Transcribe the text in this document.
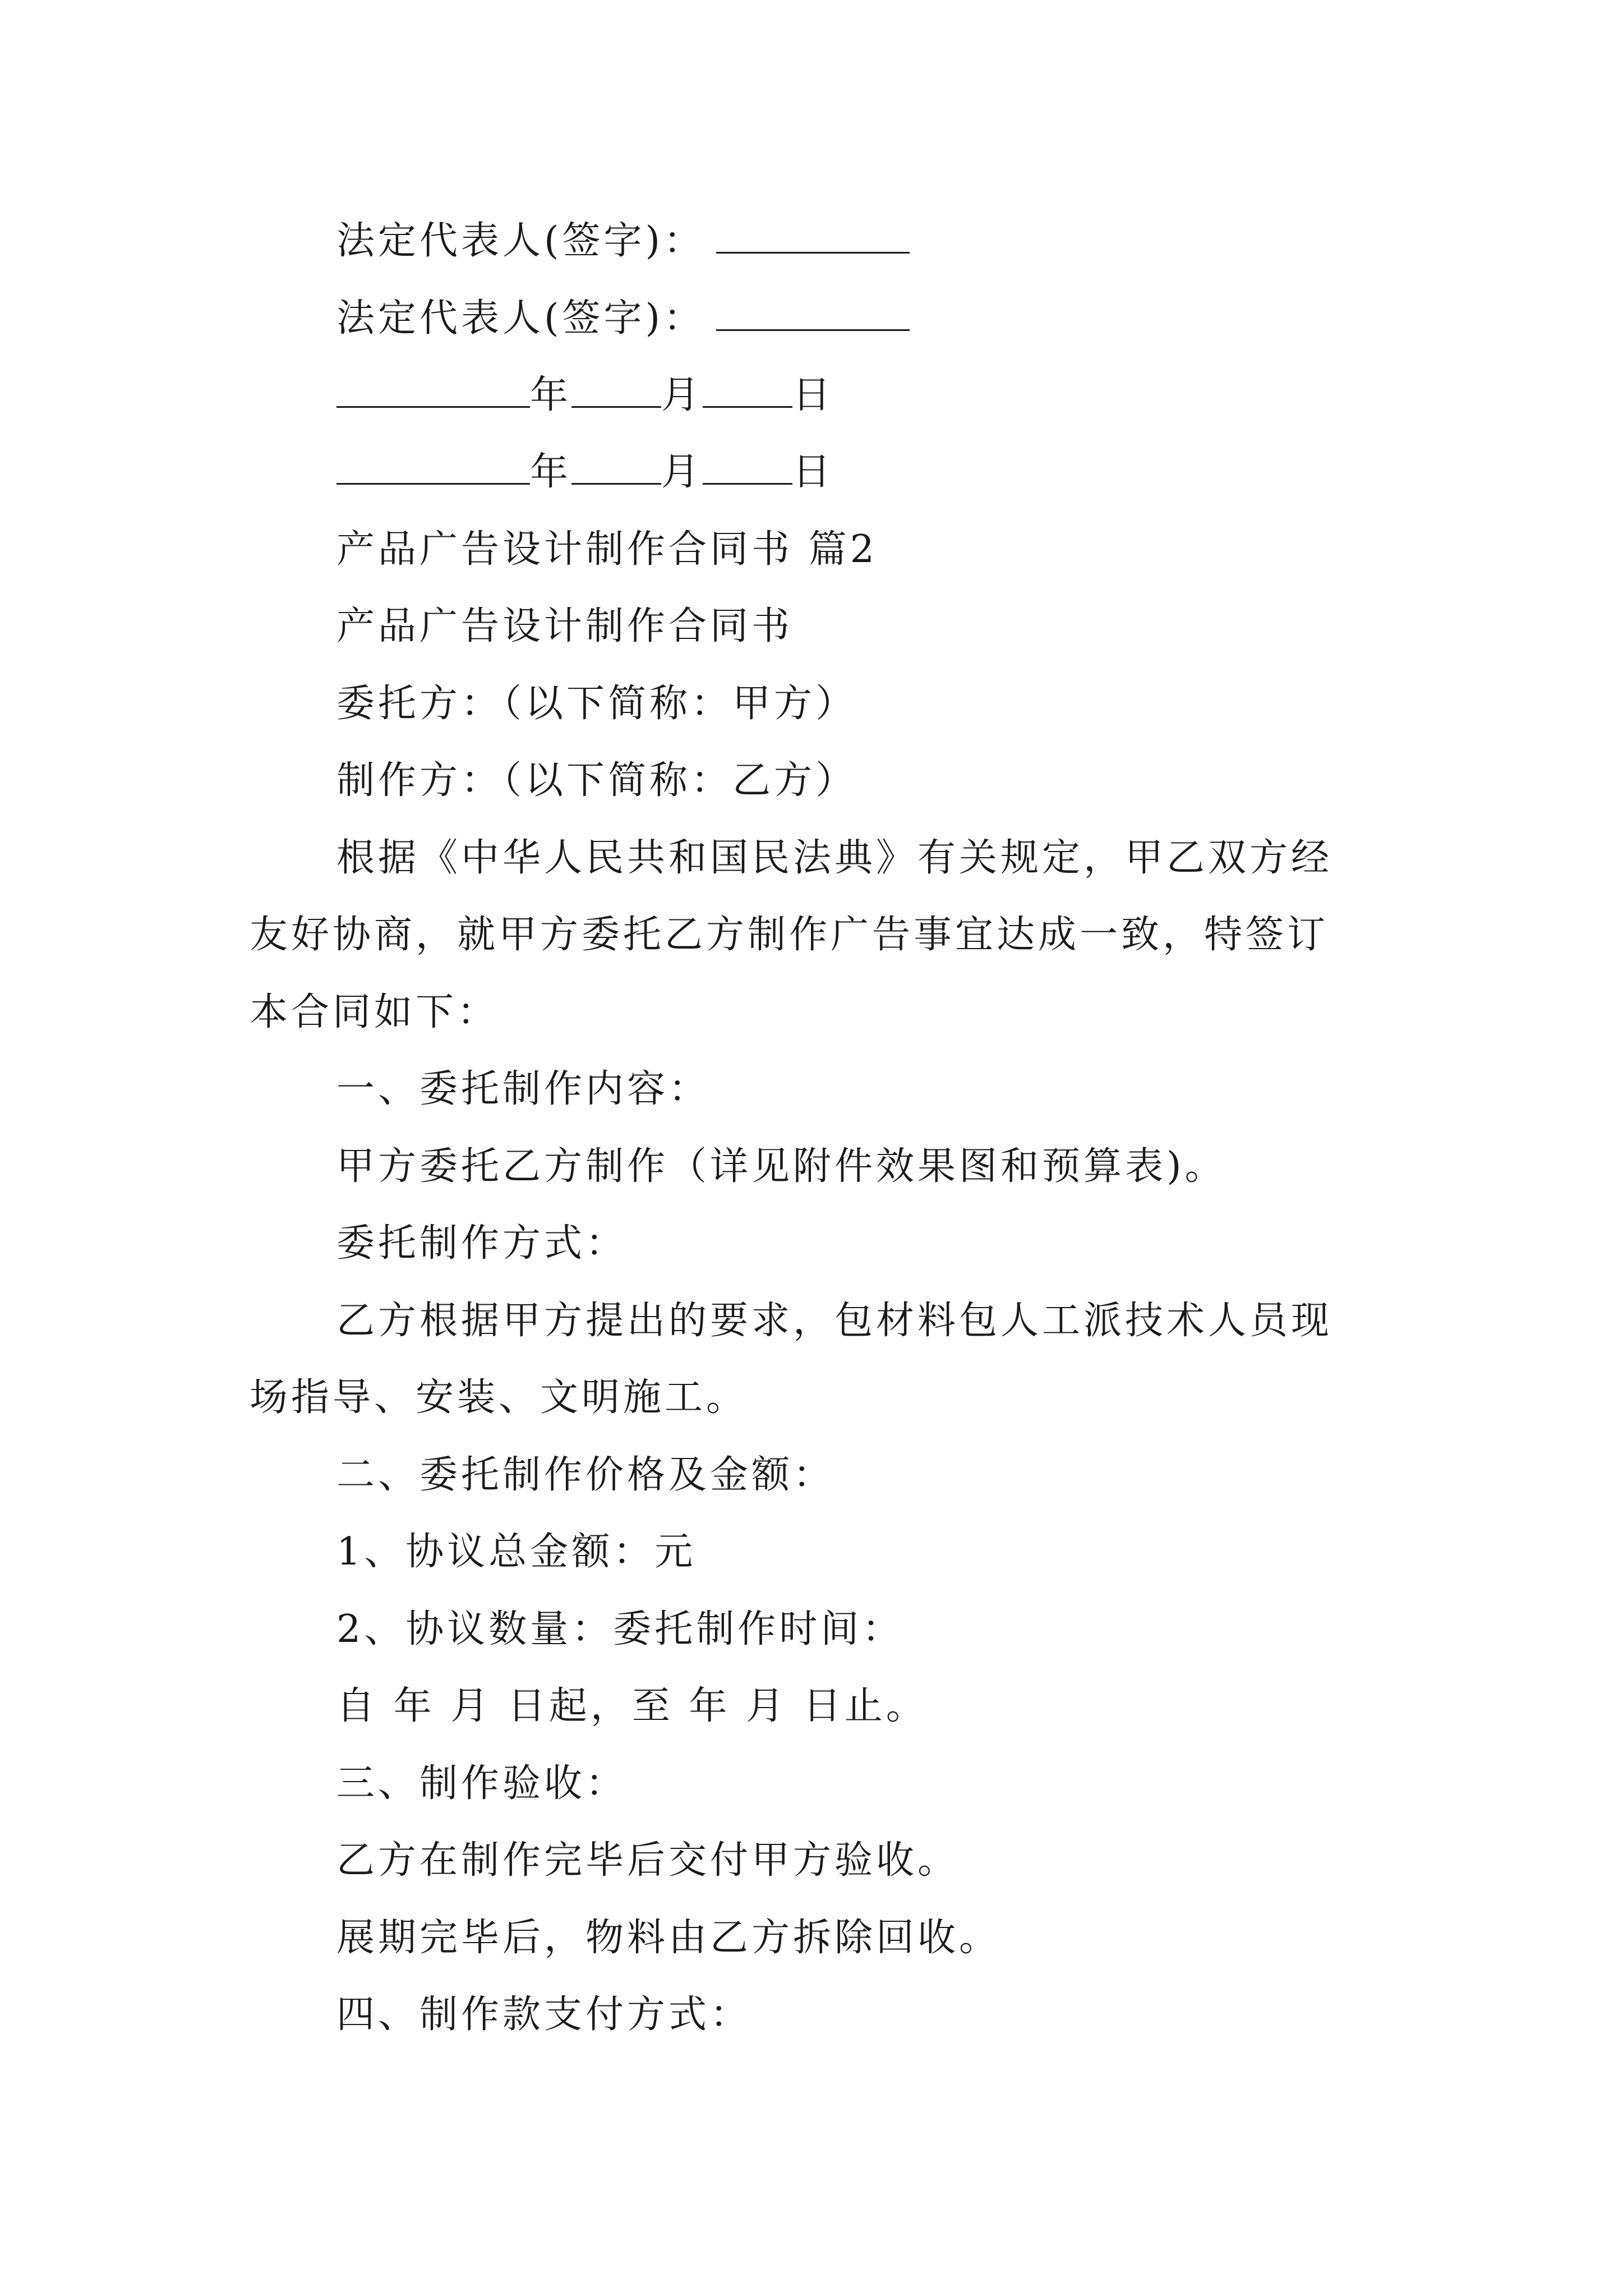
法定代表人(签字)：
法定代表人(签字)：
年 月 日
年 月 日
产品广告设计制作合同书 篇2
产品广告设计制作合同书
委托方：（以下简称：甲方）
制作方：（以下简称：乙方）
根据《中华人民共和国民法典》有关规定，甲乙双方经
友好协商，就甲方委托乙方制作广告事宜达成一致，特签订
本合同如下：
一、委托制作内容：
甲方委托乙方制作（详见附件效果图和预算表)。
委托制作方式：
乙方根据甲方提出的要求，包材料包人工派技术人员现
场指导、安装、文明施工。
二、委托制作价格及金额：
1、协议总金额：元
2、协议数量：委托制作时间：
自 年 月 日起，至 年 月 日止。
三、制作验收：
乙方在制作完毕后交付甲方验收。
展期完毕后，物料由乙方拆除回收。
四、制作款支付方式：
